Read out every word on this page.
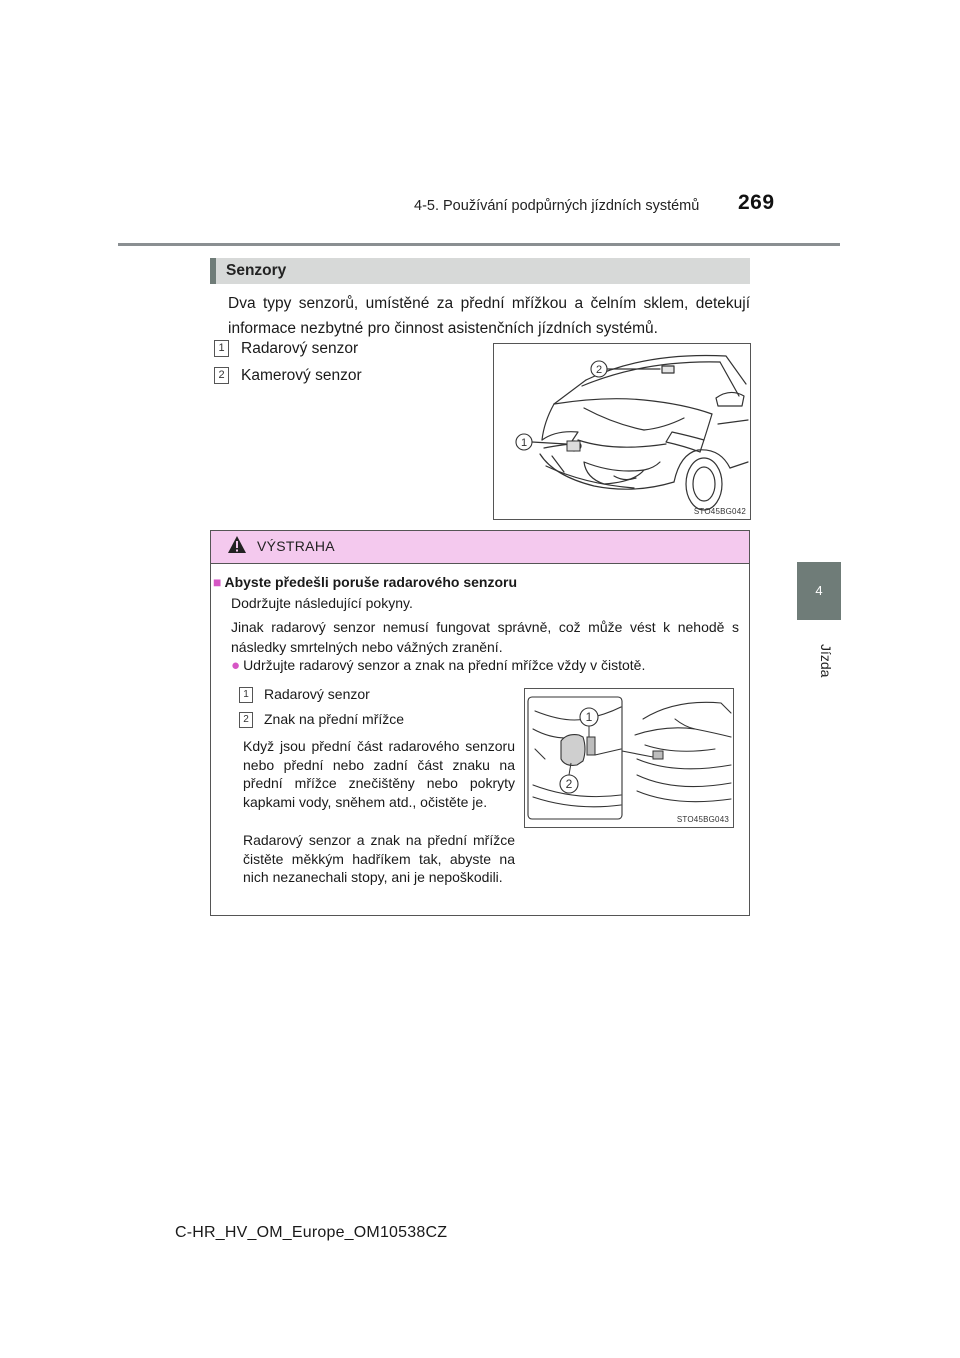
4-5. Používání podpůrných jízdních systémů 269
4
Jízda
Senzory
Dva typy senzorů, umístěné za přední mřížkou a čelním sklem, detekují informace nezbytné pro činnost asistenčních jízdních systémů.
1 Radarový senzor
2 Kamerový senzor	2
1
STO45BG042
VÝSTRAHA
■ Abyste předešli poruše radarového senzoru
Dodržujte následující pokyny.
Jinak radarový senzor nemusí fungovat správně, což může vést k nehodě s následky smrtelných nebo vážných zranění.
● Udržujte radarový senzor a znak na přední mřížce vždy v čistotě.
1 Radarový senzor
2 Znak na přední mřížce
Když jsou přední část radarového senzoru nebo přední nebo zadní část znaku na přední mřížce znečištěny nebo pokryty kapkami vody, sněhem atd., očistěte je.
Radarový senzor a znak na přední mřížce čistěte měkkým hadříkem tak, abyste na nich nezanechali stopy, ani je nepoškodili.
1
2
STO45BG043
C-HR_HV_OM_Europe_OM10538CZ
